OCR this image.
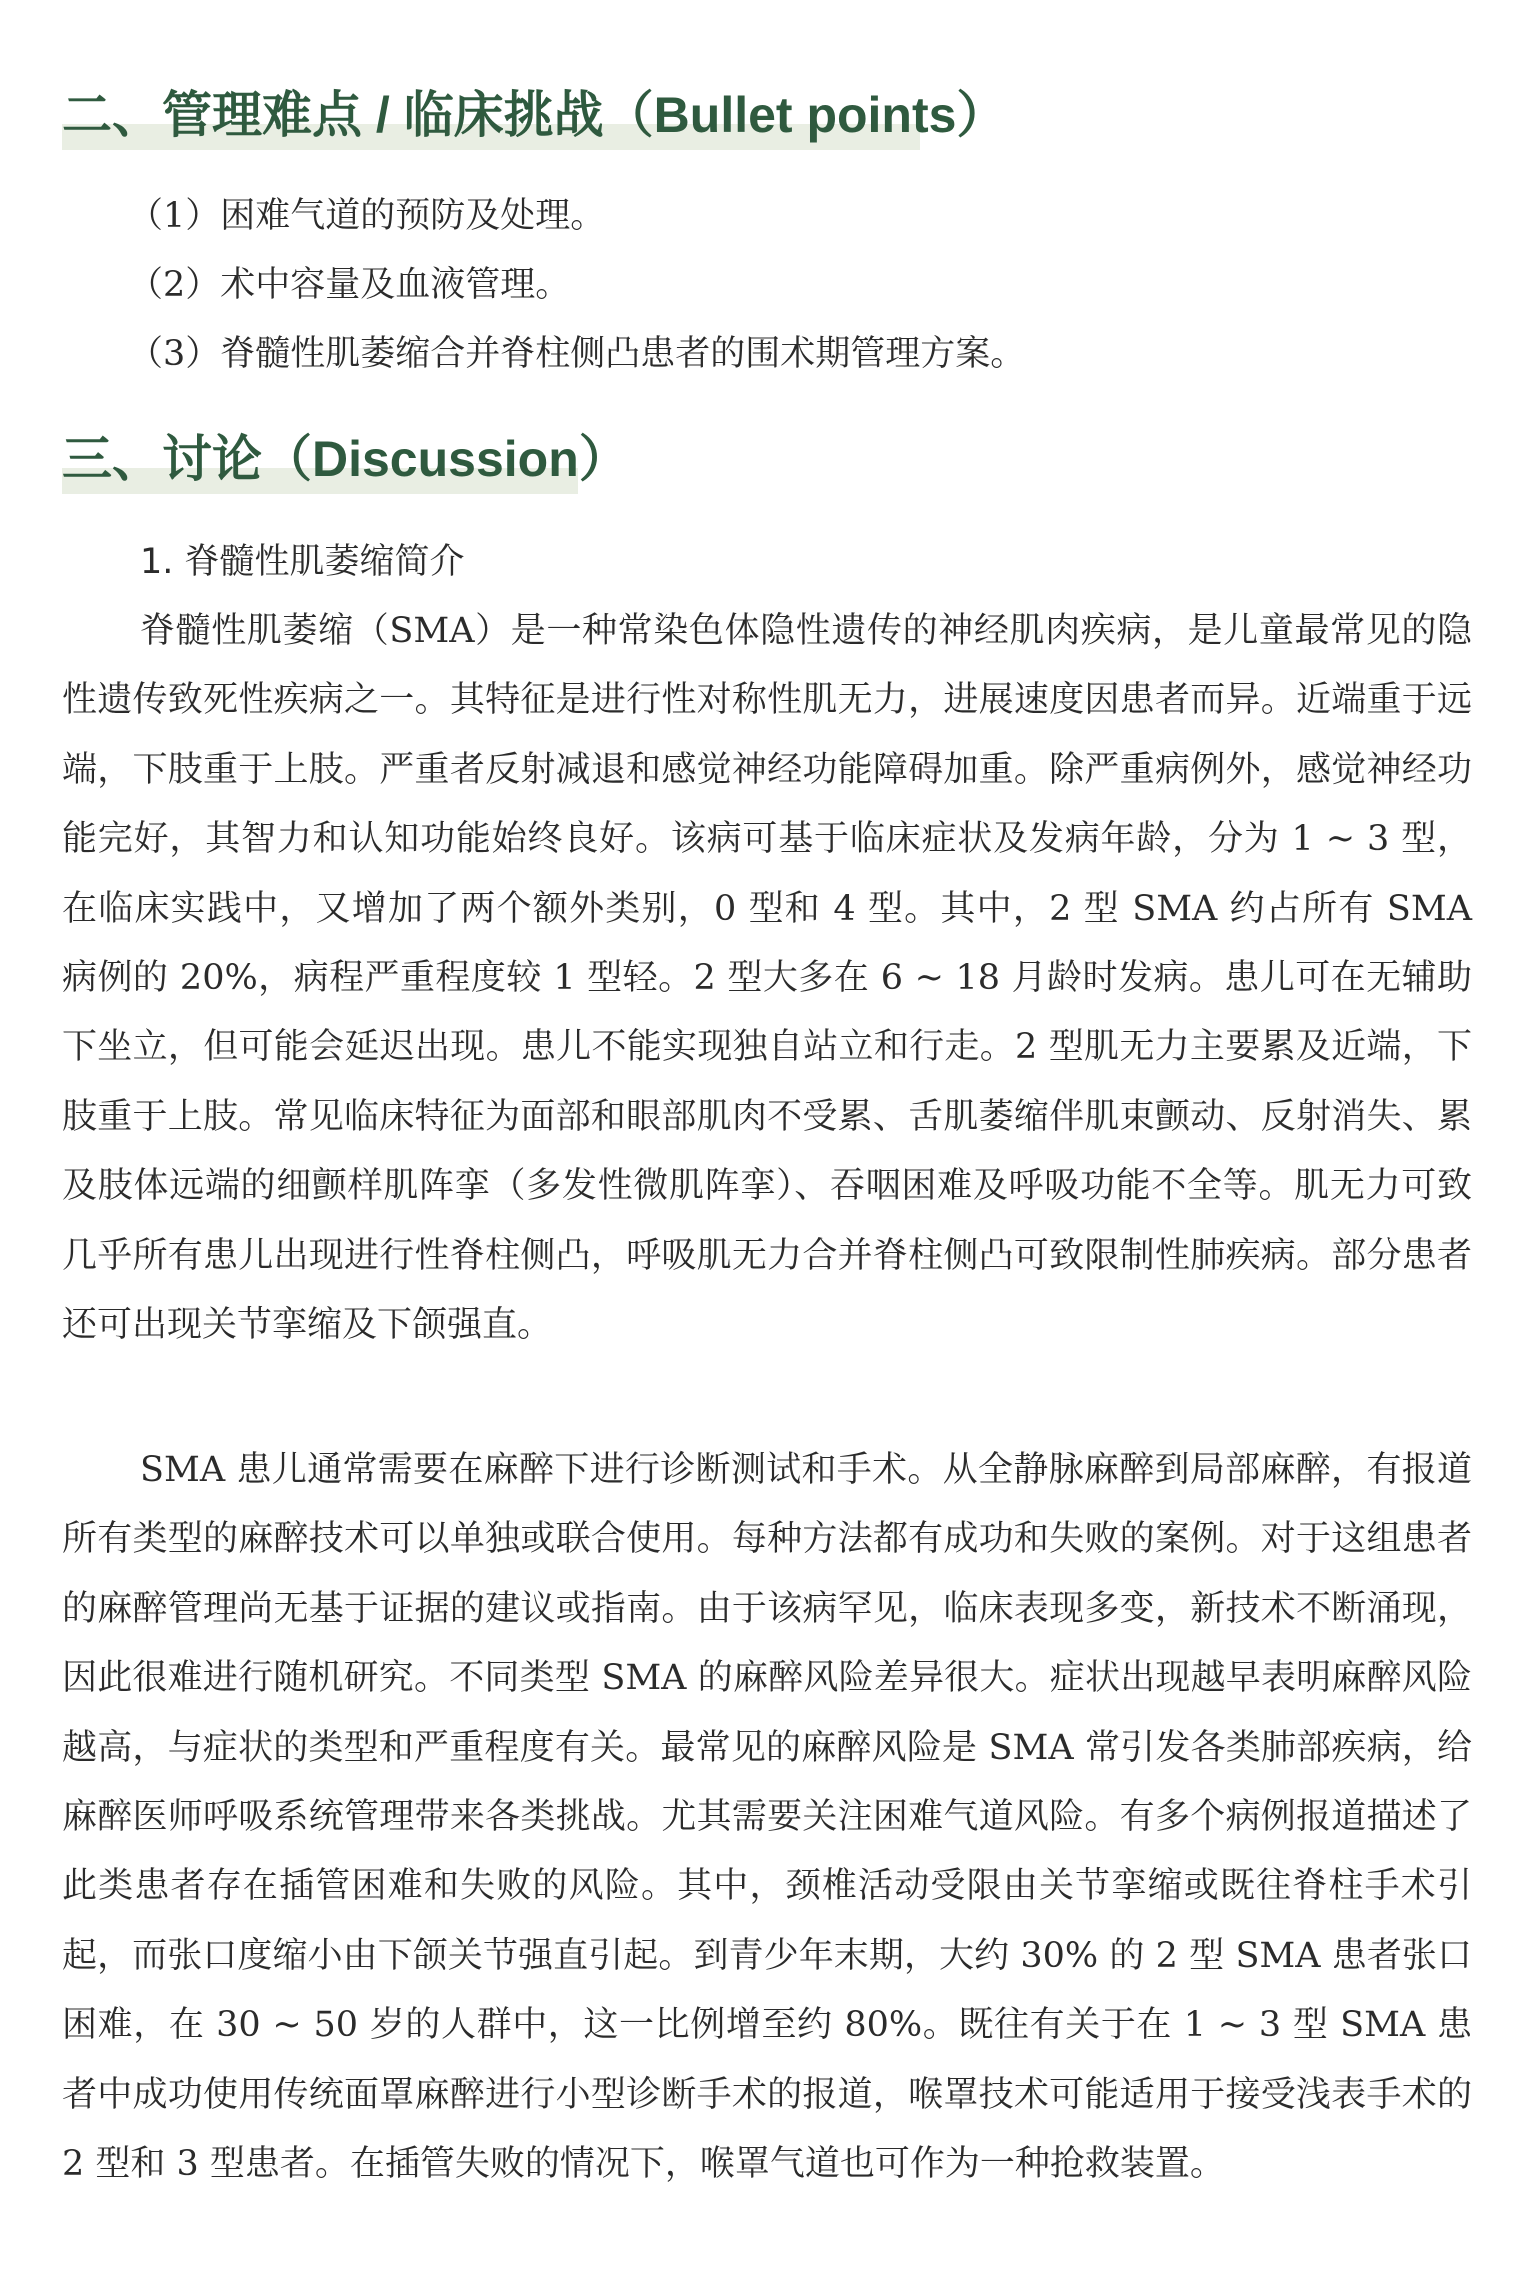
二、管理难点 / 临床挑战（Bullet points）
（1）困难气道的预防及处理。
（2）术中容量及血液管理。
（3）脊髓性肌萎缩合并脊柱侧凸患者的围术期管理方案。
三、讨论（Discussion）
1. 脊髓性肌萎缩简介

脊髓性肌萎缩（SMA）是一种常染色体隐性遗传的神经肌肉疾病，是儿童最常见的隐性遗传致死性疾病之一。其特征是进行性对称性肌无力，进展速度因患者而异。近端重于远端，下肢重于上肢。严重者反射减退和感觉神经功能障碍加重。除严重病例外，感觉神经功能完好，其智力和认知功能始终良好。该病可基于临床症状及发病年龄，分为 1 ~ 3 型，在临床实践中，又增加了两个额外类别，0 型和 4 型。其中，2 型 SMA 约占所有 SMA 病例的 20%，病程严重程度较 1 型轻。2 型大多在 6 ~ 18 月龄时发病。患儿可在无辅助下坐立，但可能会延迟出现。患儿不能实现独自站立和行走。2 型肌无力主要累及近端，下肢重于上肢。常见临床特征为面部和眼部肌肉不受累、舌肌萎缩伴肌束颤动、反射消失、累及肢体远端的细颤样肌阵挛（多发性微肌阵挛）、吞咽困难及呼吸功能不全等。肌无力可致几乎所有患儿出现进行性脊柱侧凸，呼吸肌无力合并脊柱侧凸可致限制性肺疾病。部分患者还可出现关节挛缩及下颌强直。

SMA 患儿通常需要在麻醉下进行诊断测试和手术。从全静脉麻醉到局部麻醉，有报道所有类型的麻醉技术可以单独或联合使用。每种方法都有成功和失败的案例。对于这组患者的麻醉管理尚无基于证据的建议或指南。由于该病罕见，临床表现多变，新技术不断涌现，因此很难进行随机研究。不同类型 SMA 的麻醉风险差异很大。症状出现越早表明麻醉风险越高，与症状的类型和严重程度有关。最常见的麻醉风险是 SMA 常引发各类肺部疾病，给麻醉医师呼吸系统管理带来各类挑战。尤其需要关注困难气道风险。有多个病例报道描述了此类患者存在插管困难和失败的风险。其中，颈椎活动受限由关节挛缩或既往脊柱手术引起，而张口度缩小由下颌关节强直引起。到青少年末期，大约 30% 的 2 型 SMA 患者张口困难，在 30 ~ 50 岁的人群中，这一比例增至约 80%。既往有关于在 1 ~ 3 型 SMA 患者中成功使用传统面罩麻醉进行小型诊断手术的报道，喉罩技术可能适用于接受浅表手术的 2 型和 3 型患者。在插管失败的情况下，喉罩气道也可作为一种抢救装置。
